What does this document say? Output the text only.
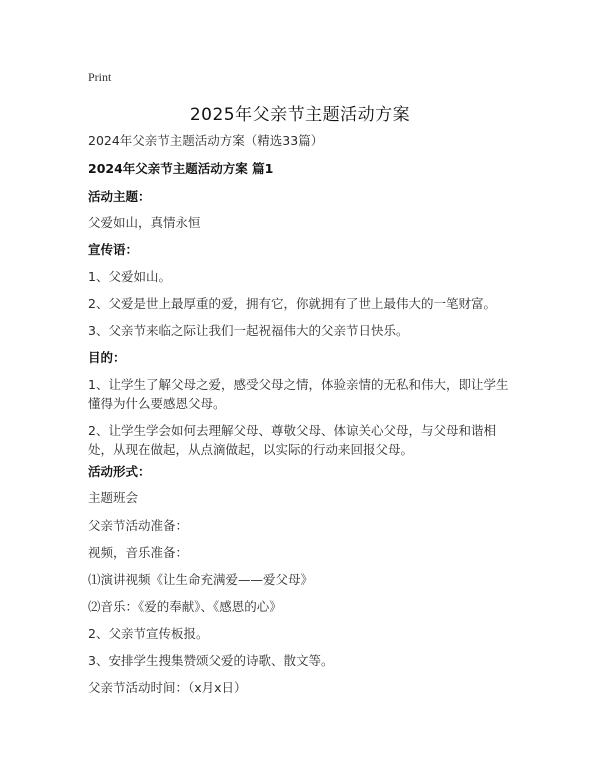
Print
2025年父亲节主题活动方案
2024年父亲节主题活动方案（精选33篇）
2024年父亲节主题活动方案 篇1
活动主题：
父爱如山，真情永恒
宣传语：
1、父爱如山。
2、父爱是世上最厚重的爱，拥有它，你就拥有了世上最伟大的一笔财富。
3、父亲节来临之际让我们一起祝福伟大的父亲节日快乐。
目的：
1、让学生了解父母之爱，感受父母之情，体验亲情的无私和伟大，即让学生懂得为什么要感恩父母。
2、让学生学会如何去理解父母、尊敬父母、体谅关心父母，与父母和谐相处，从现在做起，从点滴做起，以实际的行动来回报父母。
活动形式：
主题班会
父亲节活动准备：
视频，音乐准备：
⑴演讲视频《让生命充满爱——爱父母》
⑵音乐：《爱的奉献》、《感恩的心》
2、父亲节宣传板报。
3、安排学生搜集赞颂父爱的诗歌、散文等。
父亲节活动时间：（x月x日）
